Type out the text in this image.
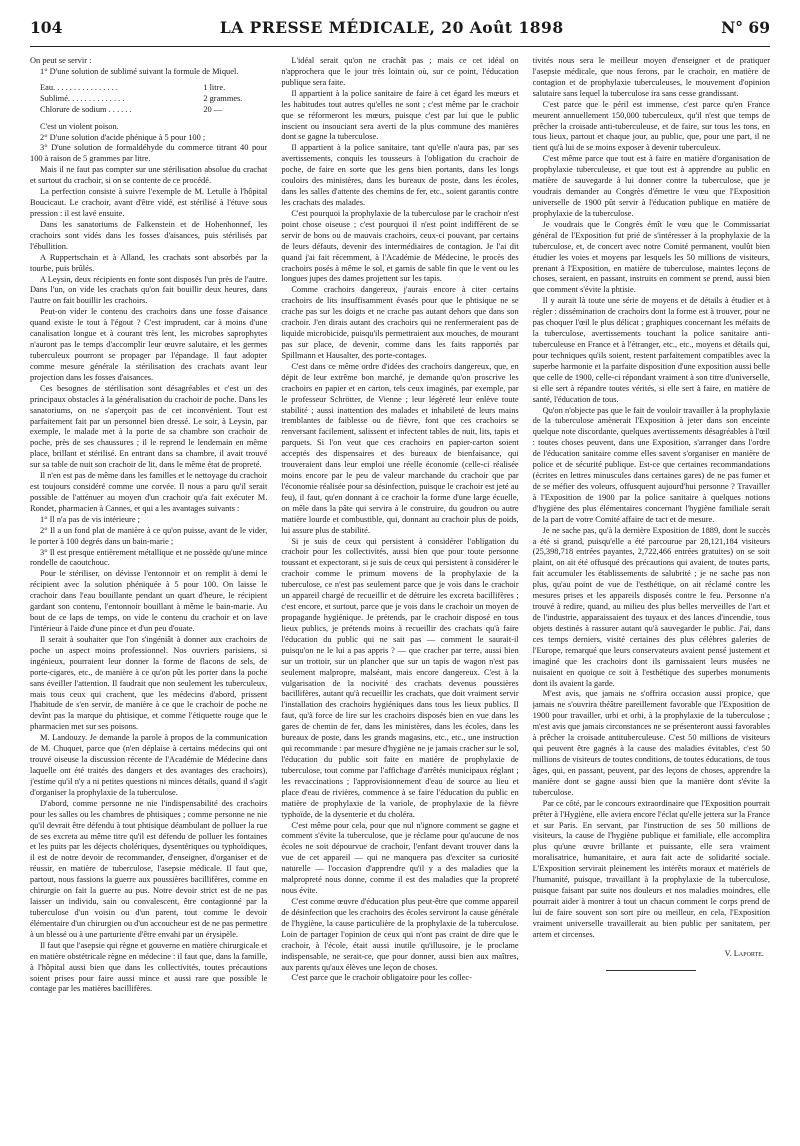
104	LA PRESSE MÉDICALE, 20 Août 1898	N° 69

On peut se servir :

1° D'une solution de sublimé suivant la formule de Miquel.

Eau. . . . . . . . . . . . . . . .	1 litre.
Sublimé. . . . . . . . . . . . . .	2 grammes.
Chlorure de sodium . . . . . .	20 —

C'est un violent poison.

2° D'une solution d'acide phénique à 5 pour 100 ;

3° D'une solution de formaldéhyde du commerce titrant 40 pour 100 à raison de 5 grammes par litre.

Mais il ne faut pas compter sur une stérilisation absolue du crachat et surtout du crachoir, si on se contente de ce procédé.

La perfection consiste à suivre l'exemple de M. Letulle à l'hôpital Boucicaut. Le crachoir, avant d'être vidé, est stérilisé à l'étuve sous pression : il est lavé ensuite.

Dans les sanatoriums de Falkenstein et de Hohenhonnef, les crachoirs sont vidés dans les fosses d'aisances, puis stérilisés par l'ébullition.

A Ruppertschain et à Alland, les crachats sont absorbés par la tourbe, puis brûlés.

A Leysin, deux récipients en fonte sont disposés l'un près de l'autre. Dans l'un, on vide les crachats qu'on fait bouillir deux heures, dans l'autre on fait bouillir les crachoirs.

Peut-on vider le contenu des crachoirs dans une fosse d'aisance quand existe le tout à l'égout ? C'est imprudent, car à moins d'une canalisation longue et à courant très lent, les microbes saprophytes n'auront pas le temps d'accomplir leur œuvre salutaire, et les germes tuberculeux pourront se propager par l'épandage. Il faut adopter comme mesure générale la stérilisation des crachats avant leur projection dans les fosses d'aisances.

Ces besognes de stérilisation sont désagréables et c'est un des principaux obstacles à la généralisation du crachoir de poche. Dans les sanatoriums, on ne s'aperçoit pas de cet inconvénient. Tout est parfaitement fait par un personnel bien dressé. Le soir, à Leysin, par exemple, le malade met à la porte de sa chambre son crachoir de poche, près de ses chaussures ; il le reprend le lendemain en même place, brillant et stérilisé. En entrant dans sa chambre, il avait trouvé sur sa table de nuit son crachoir de lit, dans le même état de propreté.

Il n'en est pas de même dans les familles et le nettoyage du crachoir est toujours considéré comme une corvée. Il nous a paru qu'il serait possible de l'atténuer au moyen d'un crachoir qu'a fait exécuter M. Rondet, pharmacien à Cannes, et qui a les avantages suivants :

1° Il n'a pas de vis intérieure ;

2° Il a un fond plat de manière à ce qu'on puisse, avant de le vider, le porter à 100 degrés dans un bain-marie ;

3° Il est presque entièrement métallique et ne possède qu'une mince rondelle de caoutchouc.

Pour le stériliser, on dévisse l'entonnoir et on remplit à demi le récipient avec la solution phéniquée à 5 pour 100. On laisse le crachoir dans l'eau bouillante pendant un quart d'heure, le récipient gardant son contenu, l'entonnoir bouillant à même le bain-marie. Au bout de ce laps de temps, on vide le contenu du crachoir et on lave l'intérieur à l'aide d'une pince et d'un peu d'ouate.

Il serait à souhaiter que l'on s'ingéniât à donner aux crachoirs de poche un aspect moins professionnel. Nos ouvriers parisiens, si ingénieux, pourraient leur donner la forme de flacons de sels, de porte-cigares, etc., de manière à ce qu'on pût les porter dans la poche sans éveiller l'attention. Il faudrait que non seulement les tuberculeux, mais tous ceux qui crachent, que les médecins d'abord, prissent l'habitude de s'en servir, de manière à ce que le crachoir de poche ne devînt pas la marque du phtisique, et comme l'étiquette rouge que le pharmacien met sur ses poisons.

M. Landouzy. Je demande la parole à propos de la communication de M. Chuquet, parce que (n'en déplaise à certains médecins qui ont trouvé oiseuse la discussion récente de l'Académie de Médecine dans laquelle ont été traités des dangers et des avantages des crachoirs), j'estime qu'il n'y a ni petites questions ni minces détails, quand il s'agit d'organiser la prophylaxie de la tuberculose.

D'abord, comme personne ne nie l'indispensabilité des crachoirs pour les salles ou les chambres de phtisiques ; comme personne ne nie qu'il devrait être défendu à tout phtisique déambulant de polluer la rue de ses excreta au même titre qu'il est défendu de polluer les fontaines et les puits par les déjects cholériques, dysentériques ou typhoïdiques, il est de notre devoir de recommander, d'enseigner, d'organiser et de réussir, en matière de tuberculose, l'asepsie médicale. Il faut que, partout, nous fassions la guerre aux poussières bacillifères, comme en chirurgie on fait la guerre au pus. Notre devoir strict est de ne pas laisser un individu, sain ou convalescent, être contagionné par la tuberculose d'un voisin ou d'un parent, tout comme le devoir élémentaire d'un chirurgien ou d'un accoucheur est de ne pas permettre à un blessé ou à une parturiente d'être envahi par un érysipèle.

Il faut que l'asepsie qui règne et gouverne en matière chirurgicale et en matière obstétricale règne en médecine : il faut que, dans la famille, à l'hôpital aussi bien que dans les collectivités, toutes précautions soient prises pour faire aussi mince et aussi rare que possible le contage par les matières bacillifères.

L'idéal serait qu'on ne crachât pas ; mais ce cet idéal on n'approchera que le jour très lointain où, sur ce point, l'éducation publique sera faite.

Il appartient à la police sanitaire de faire à cet égard les mœurs et les habitudes tout autres qu'elles ne sont ; c'est même par le crachoir que se réformeront les mœurs, puisque c'est par lui que le public inscient ou insouciant sera averti de la plus commune des manières dont se gagne la tuberculose.

Il appartient à la police sanitaire, tant qu'elle n'aura pas, par ses avertissements, conquis les tousseurs à l'obligation du crachoir de poche, de faire en sorte que les gens bien portants, dans les longs couloirs des ministères, dans les bureaux de poste, dans les écoles, dans les salles d'attente des chemins de fer, etc., soient garantis contre les crachats des malades.

C'est pourquoi la prophylaxie de la tuberculose par le crachoir n'est point chose oiseuse ; c'est pourquoi il n'est point indifférent de se servir de bons ou de mauvais crachoirs, ceux-ci pouvant, par certains de leurs défauts, devenir des intermédiaires de contagion. Je l'ai dit quand j'ai fait récemment, à l'Académie de Médecine, le procès des crachoirs posés à même le sol, et garnis de sable fin que le vent ou les longues jupes des dames projettent sur les tapis.

Comme crachoirs dangereux, j'aurais encore à citer certains crachoirs de lits insuffisamment évasés pour que le phtisique ne se crache pas sur les doigts et ne crache pas autant dehors que dans son crachoir. J'en dirais autant des crachoirs qui ne renfermeraient pas de liquide microbicide, puisqu'ils permettraient aux mouches, de mourant pas sur place, de devenir, comme dans les faits rapportés par Spillmann et Hausalter, des porte-contages.

C'est dans ce même ordre d'idées des crachoirs dangereux, que, en dépit de leur extrême bon marché, je demande qu'on proscrive les crachoirs en papier et en carton, tels ceux imaginés, par exemple, par le professeur Schrötter, de Vienne ; leur légèreté leur enlève toute stabilité ; aussi inattention des malades et inhabileté de leurs mains tremblantes de faiblesse ou de fièvre, font que ces crachoirs se renversant facilement, salissent et infectent tables de nuit, lits, tapis et parquets. Si l'on veut que ces crachoirs en papier-carton soient acceptés des dispensaires et des bureaux de bienfaisance, qui trouveraient dans leur emploi une réelle économie (celle-ci réalisée moins encore par le peu de valeur marchande du crachoir que par l'économie réalisée pour sa désinfection, puisque le crachoir est jeté au feu), il faut, qu'en donnant à ce crachoir la forme d'une large écuelle, on mêle dans la pâte qui servira à le construire, du goudron ou autre matière lourde et combustible, qui, donnant au crachoir plus de poids, lui assure plus de stabilité.

Si je suis de ceux qui persistent à considérer l'obligation du crachoir pour les collectivités, aussi bien que pour toute personne toussant et expectorant, si je suis de ceux qui persistent à considérer le crachoir comme le primum movens de la prophylaxie de la tuberculose, ce n'est pas seulement parce que je vois dans le crachoir un appareil chargé de recueillir et de détruire les excreta bacillifères ; c'est encore, et surtout, parce que je vois dans le crachoir un moyen de propagande hygiénique. Je prétends, par le crachoir disposé en tous lieux publics, je prétends moins à recueillir des crachats qu'à faire l'éducation du public qui ne sait pas — comment le saurait-il puisqu'on ne le lui a pas appris ? — que cracher par terre, aussi bien sur un trottoir, sur un plancher que sur un tapis de wagon n'est pas seulement malpropre, malséant, mais encore dangereux. C'est à la vulgarisation de la nocivité des crachats devenus poussières bacillifères, autant qu'à recueillir les crachats, que doit vraiment servir l'installation des crachoirs hygiéniques dans tous les lieux publics. Il faut, qu'à force de lire sur les crachoirs disposés bien en vue dans les gares de chemin de fer, dans les ministères, dans les écoles, dans les bureaux de poste, dans les grands magasins, etc., etc., une instruction qui recommande : par mesure d'hygiène ne je jamais cracher sur le sol, l'éducation du public soit faite en matière de prophylaxie de tuberculose, tout comme par l'affichage d'arrêtés municipaux réglant ; les revaccinations ; l'approvisionnement d'eau de source au lieu et place d'eau de rivières, commence à se faire l'éducation du public en matière de prophylaxie de la variole, de prophylaxie de la fièvre typhoïde, de la dysenterie et du choléra.

C'est même pour cela, pour que nul n'ignore comment se gagne et comment s'évite la tuberculose, que je réclame pour qu'aucune de nos écoles ne soit dépourvue de crachoir, l'enfant devant trouver dans la vue de cet appareil — qui ne manquera pas d'exciter sa curiosité naturelle — l'occasion d'apprendre qu'il y a des maladies que la malpropreté nous donne, comme il est des maladies que la propreté nous évite.

C'est comme œuvre d'éducation plus peut-être que comme appareil de désinfection que les crachoirs des écoles serviront la cause générale de l'hygiène, la cause particulière de la prophylaxie de la tuberculose. Loin de partager l'opinion de ceux qui n'ont pas craint de dire que le crachoir, à l'école, était aussi inutile qu'illusoire, je le proclame indispensable, ne serait-ce, que pour donner, aussi bien aux maîtres, aux parents qu'aux élèves une leçon de choses.

C'est parce que le crachoir obligatoire pour les collec-

tivités nous sera le meilleur moyen d'enseigner et de pratiquer l'asepsie médicale, que nous ferons, par le crachoir, en matière de contagion et de prophylaxie tuberculeuses, le mouvement d'opinion salutaire sans lequel la tuberculose ira sans cesse grandissant.

C'est parce que le péril est immense, c'est parce qu'en France meurent annuellement 150,000 tuberculeux, qu'il n'est que temps de prêcher la croisade anti-tuberculeuse, et de faire, sur tous les tons, en tous lieux, partout et chaque jour, au public, que, pour une part, il ne tient qu'à lui de se moins exposer à devenir tuberculeux.

C'est même parce que tout est à faire en matière d'organisation de prophylaxie tuberculeuse, et que tout est à apprendre au public en matière de sauvegarde à lui donner contre la tuberculose, que je voudrais demander au Congrès d'émettre le vœu que l'Exposition universelle de 1900 pût servir à l'éducation publique en matière de prophylaxie de la tuberculose.

Je voudrais que le Congrès émît le vœu que le Commissariat général de l'Exposition fut prié de s'intéresser à la prophylaxie de la tuberculose, et, de concert avec notre Comité permanent, voulût bien étudier les voies et moyens par lesquels les 50 millions de visiteurs, prenant à l'Exposition, en matière de tuberculose, maintes leçons de choses, seraient, en passant, instruits en comment se prend, aussi bien que comment s'évite la phtisie.

Il y aurait là toute une série de moyens et de détails à étudier et à régler : dissémination de crachoirs dont la forme est à trouver, pour ne pas choquer l'œil le plus délicat ; graphiques concernant les méfaits de la tuberculose, avertissements touchant la police sanitaire anti-tuberculeuse en France et à l'étranger, etc., etc., moyens et détails qui, pour techniques qu'ils soient, restent parfaitement compatibles avec la superbe harmonie et la parfaite disposition d'une exposition aussi belle que celle de 1900, celle-ci répondant vraiment à son titre d'universelle, si elle sert à répandre toutes vérités, si elle sert à faire, en matière de santé, l'éducation de tous.

Qu'on n'objecte pas que le fait de vouloir travailler à la prophylaxie de la tuberculose amènerait l'Exposition à jeter dans son enceinte quelque note discordante, quelques avertissements désagréables à l'œil : toutes choses peuvent, dans une Exposition, s'arranger dans l'ordre de l'éducation sanitaire comme elles savent s'organiser en manière de police et de sécurité publique. Est-ce que certaines recommandations (écrites en lettres minuscules dans certaines gares) de ne pas fumer et de se méfier des voleurs, offusquent aujourd'hui personne ? Travailler à l'Exposition de 1900 par la police sanitaire à quelques notions d'hygiène des plus élémentaires concernant l'hygiène familiale serait de la part de votre Comité affaire de tact et de mesure.

Je ne sache pas, qu'à la dernière Exposition de 1889, dont le succès a été si grand, puisqu'elle a été parcourue par 28,121,184 visiteurs (25,398,718 entrées payantes, 2,722,466 entrées gratuites) on se soit plaint, on ait été offusqué des précautions qui avaient, de toutes parts, fait accumuler les établissements de salubrité ; je ne sache pas non plus, qu'au point de vue de l'esthétique, on ait réclamé contre les mesures prises et les appareils disposés contre le feu. Personne n'a trouvé à redire, quand, au milieu des plus belles merveilles de l'art et de l'industrie, apparaissaient des tuyaux et des lances d'incendie, tous objets destinés à rassurer autant qu'à sauvegarder le public. J'ai, dans ces temps derniers, visité certaines des plus célèbres galeries de l'Europe, remarqué que leurs conservateurs avaient pensé justement et imaginé que les crachoirs dont ils garnissaient leurs musées ne nuisaient en quoique ce soit à l'esthétique des superbes monuments dont ils avaient la garde.

M'est avis, que jamais ne s'offrira occasion aussi propice, que jamais ne s'ouvrira théâtre pareillement favorable que l'Exposition de 1900 pour travailler, urbi et orbi, à la prophylaxie de la tuberculose ; m'est avis que jamais circonstances ne se présenteront aussi favorables à prêcher la croisade antituberculeuse. C'est 50 millions de visiteurs qui peuvent être gagnés à la cause des maladies évitables, c'est 50 millions de visiteurs de toutes conditions, de toutes éducations, de tous âges, qui, en passant, peuvent, par des leçons de choses, apprendre la manière dont se gagne aussi bien que la manière dont s'évite la tuberculose.

Par ce côté, par le concours extraordinaire que l'Exposition pourrait prêter à l'Hygiène, elle aviera encore l'éclat qu'elle jettera sur la France et sur Paris. En servant, par l'instruction de ses 50 millions de visiteurs, la cause de l'hygiène publique et familiale, elle accomplira plus qu'une œuvre brillante et puissante, elle sera vraiment moralisatrice, humanitaire, et aura fait acte de solidarité sociale. L'Exposition servirait pleinement les intérêts moraux et matériels de l'humanité, puisque, travaillant à la prophylaxie de la tuberculose, puisque faisant par suite nos douleurs et nos maladies moindres, elle pourrait aider à montrer à tout un chacun comment le corps prend de lui de faire souvent son sort pire ou meilleur, en cela, l'Exposition vraiment universelle travaillerait au bien public per sanitatem, per artem et circenses.

V. Laporte.
